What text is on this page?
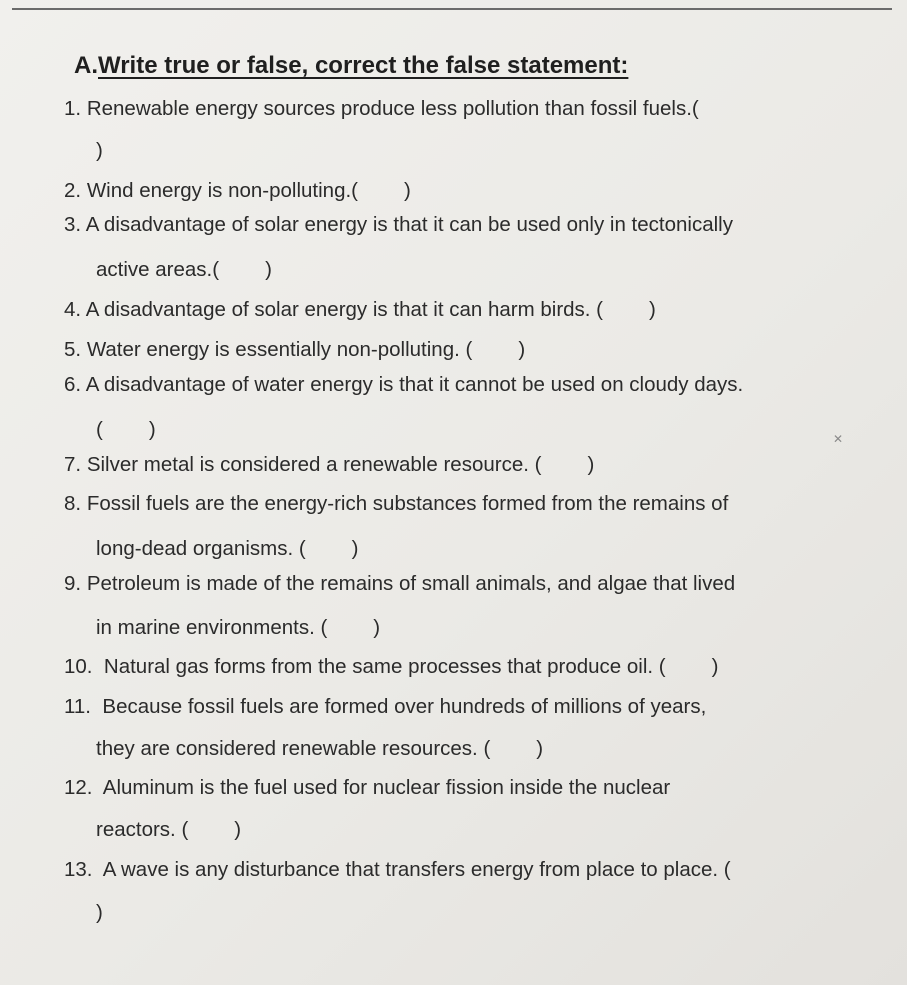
A.Write true or false, correct the false statement:
1. Renewable energy sources produce less pollution than fossil fuels.(
)
2. Wind energy is non-polluting.( )
3. A disadvantage of solar energy is that it can be used only in tectonically
active areas.( )
4. A disadvantage of solar energy is that it can harm birds. ( )
5. Water energy is essentially non-polluting. ( )
6. A disadvantage of water energy is that it cannot be used on cloudy days.
( )	✕
7. Silver metal is considered a renewable resource. ( )
8. Fossil fuels are the energy-rich substances formed from the remains of
long-dead organisms. ( )
9. Petroleum is made of the remains of small animals, and algae that lived
in marine environments. ( )
10. Natural gas forms from the same processes that produce oil. ( )
11. Because fossil fuels are formed over hundreds of millions of years,
they are considered renewable resources. ( )
12. Aluminum is the fuel used for nuclear fission inside the nuclear
reactors. ( )
13. A wave is any disturbance that transfers energy from place to place. (
)
